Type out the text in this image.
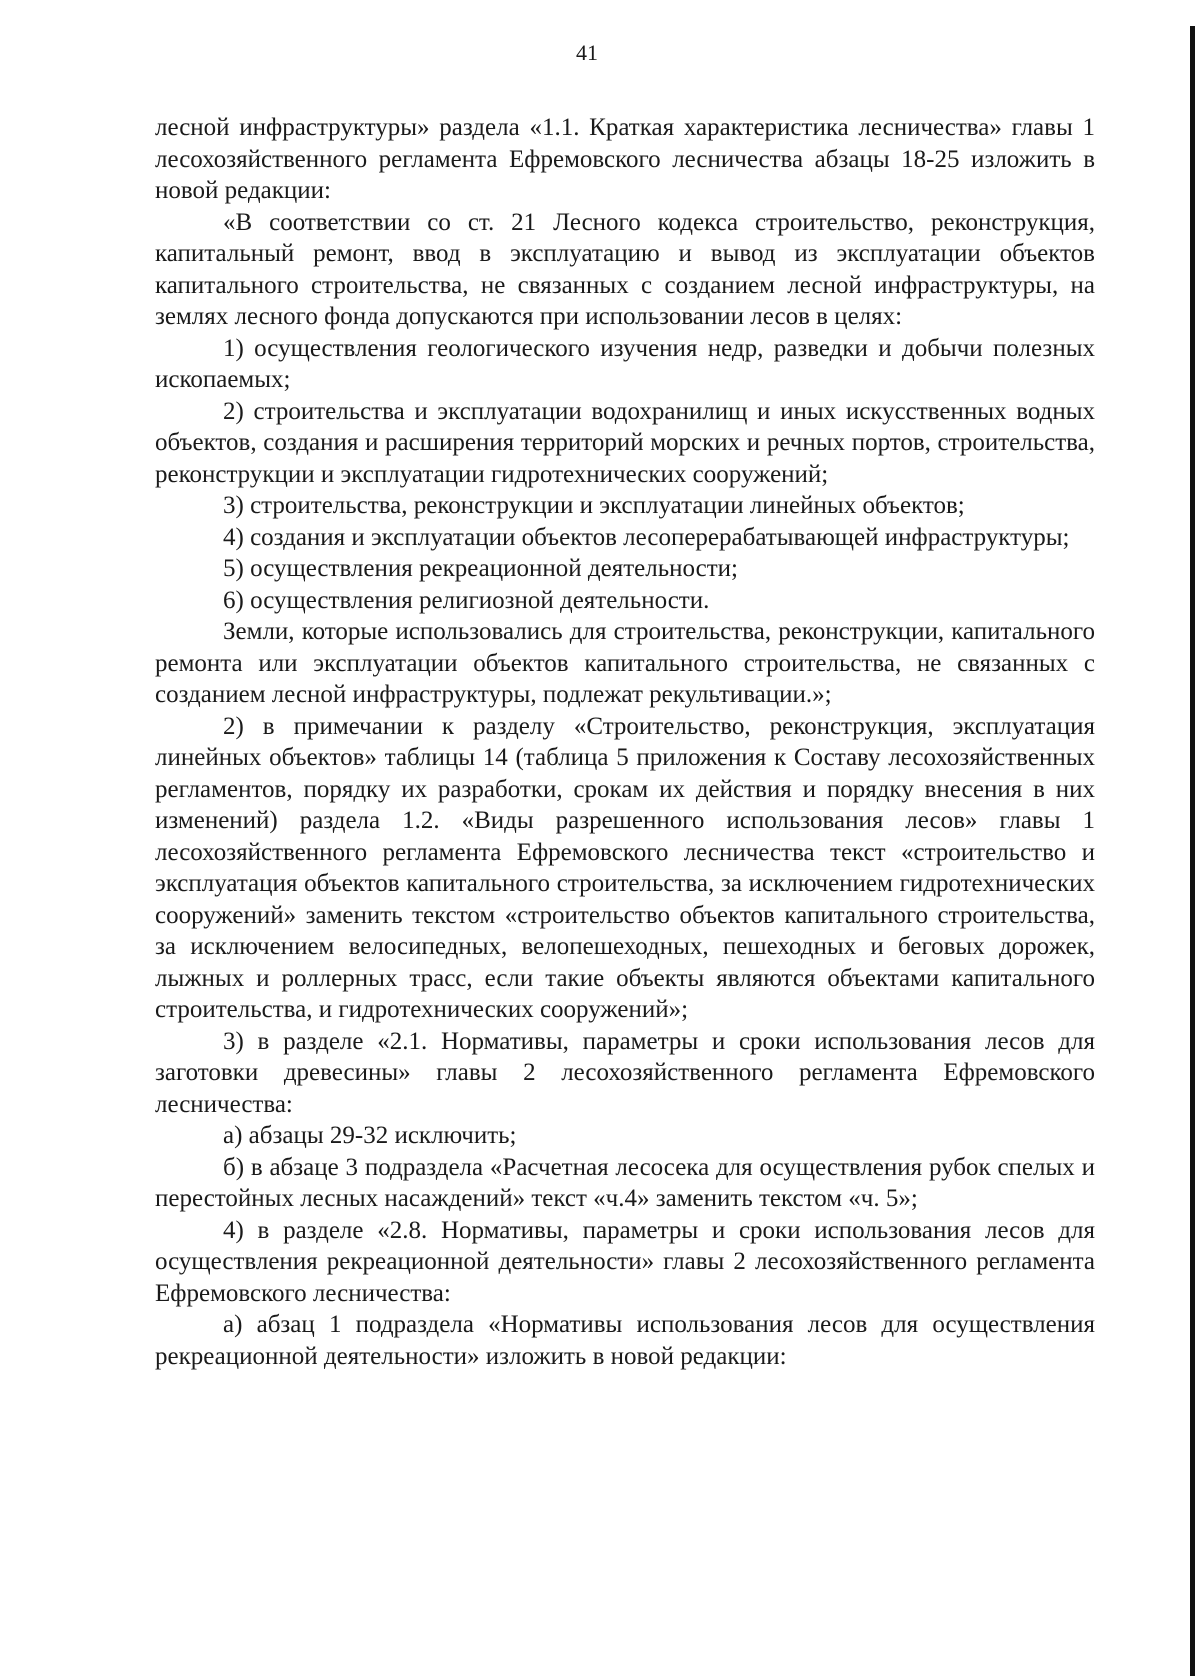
41

лесной инфраструктуры» раздела «1.1. Краткая характеристика лесничества» главы 1 лесохозяйственного регламента Ефремовского лесничества абзацы 18-25 изложить в новой редакции:

«В соответствии со ст. 21 Лесного кодекса строительство, реконструкция, капитальный ремонт, ввод в эксплуатацию и вывод из эксплуатации объектов капитального строительства, не связанных с созданием лесной инфраструктуры, на землях лесного фонда допускаются при использовании лесов в целях:

1) осуществления геологического изучения недр, разведки и добычи полезных ископаемых;

2) строительства и эксплуатации водохранилищ и иных искусственных водных объектов, создания и расширения территорий морских и речных портов, строительства, реконструкции и эксплуатации гидротехнических сооружений;

3) строительства, реконструкции и эксплуатации линейных объектов;

4) создания и эксплуатации объектов лесоперерабатывающей инфраструктуры;

5) осуществления рекреационной деятельности;

6) осуществления религиозной деятельности.

Земли, которые использовались для строительства, реконструкции, капитального ремонта или эксплуатации объектов капитального строительства, не связанных с созданием лесной инфраструктуры, подлежат рекультивации.»;

2) в примечании к разделу «Строительство, реконструкция, эксплуатация линейных объектов» таблицы 14 (таблица 5 приложения к Составу лесохозяйственных регламентов, порядку их разработки, срокам их действия и порядку внесения в них изменений) раздела 1.2. «Виды разрешенного использования лесов» главы 1 лесохозяйственного регламента Ефремовского лесничества текст «строительство и эксплуатация объектов капитального строительства, за исключением гидротехнических сооружений» заменить текстом «строительство объектов капитального строительства, за исключением велосипедных, велопешеходных, пешеходных и беговых дорожек, лыжных и роллерных трасс, если такие объекты являются объектами капитального строительства, и гидротехнических сооружений»;

3) в разделе «2.1. Нормативы, параметры и сроки использования лесов для заготовки древесины» главы 2 лесохозяйственного регламента Ефремовского лесничества:

а) абзацы 29-32 исключить;

б) в абзаце 3 подраздела «Расчетная лесосека для осуществления рубок спелых и перестойных лесных насаждений» текст «ч.4» заменить текстом «ч. 5»;

4) в разделе «2.8. Нормативы, параметры и сроки использования лесов для осуществления рекреационной деятельности» главы 2 лесохозяйственного регламента Ефремовского лесничества:

а) абзац 1 подраздела «Нормативы использования лесов для осуществления рекреационной деятельности» изложить в новой редакции:
